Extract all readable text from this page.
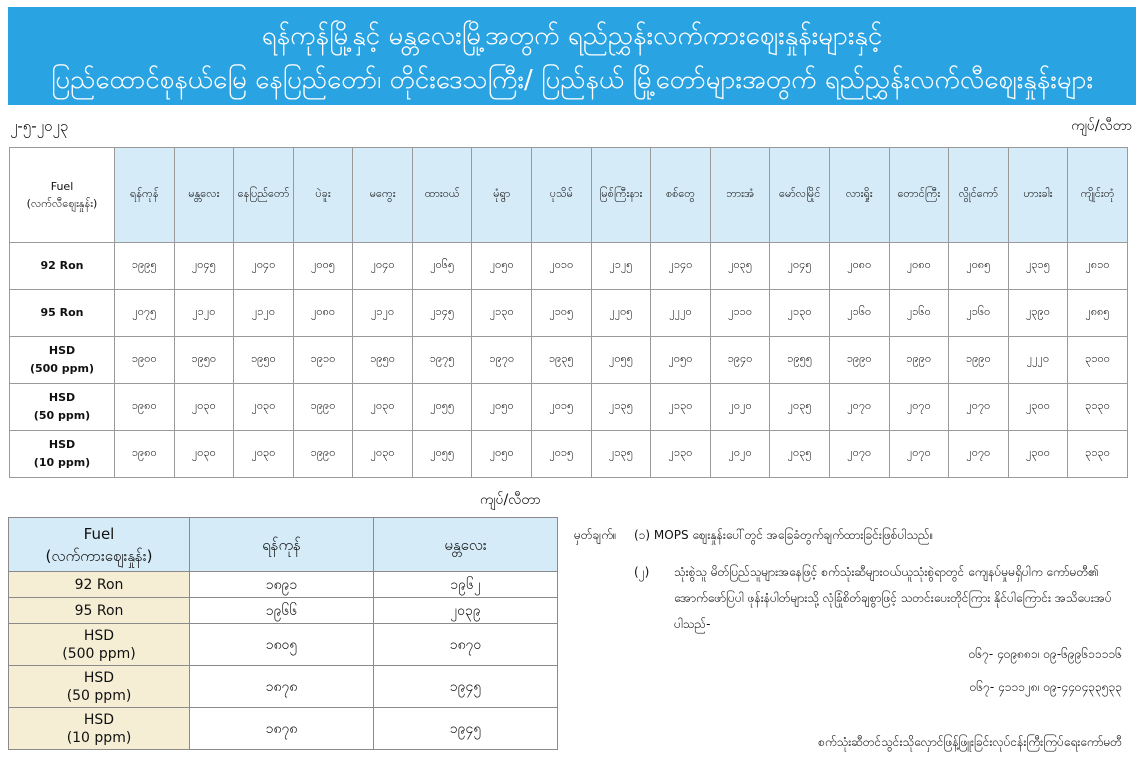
ရန်ကုန်မြို့နှင့် မန္တလေးမြို့အတွက် ရည်ညွှန်းလက်ကားဈေးနှုန်းများနှင့်
ပြည်ထောင်စုနယ်မြေ နေပြည်တော်၊ တိုင်းဒေသကြီး/ ပြည်နယ် မြို့တော်များအတွက် ရည်ညွှန်းလက်လီဈေးနှုန်းများ
၂-၅-၂၀၂၃	ကျပ်/လီတာ
Fuel
(လက်လီဈေးနှုန်း)	ရန်ကုန်	မန္တလေး	နေပြည်တော်	ပဲခူး	မကွေး	ထားဝယ်	မုံရွာ	ပုသိမ်	မြစ်ကြီးနား	စစ်တွေ	ဘားအံ	မော်လမြိုင်	လားရှိုး	တောင်ကြီး	လွိုင်ကော်	ဟားခါး	ကျိုင်းတုံ
92 Ron	၁၉၉၅	၂၀၄၅	၂၀၄၀	၂၀၀၅	၂၀၄၀	၂၀၆၅	၂၀၅၀	၂၀၁၀	၂၁၂၅	၂၁၄၀	၂၀၃၅	၂၀၄၅	၂၀၈၀	၂၀၈၀	၂၀၈၅	၂၃၁၅	၂၈၁၀
95 Ron	၂၀၇၅	၂၁၂၀	၂၁၂၀	၂၀၈၀	၂၁၂၀	၂၁၄၅	၂၁၃၀	၂၁၀၅	၂၂၀၅	၂၂၂၀	၂၁၁၀	၂၁၃၀	၂၁၆၀	၂၁၆၀	၂၁၆၀	၂၃၉၀	၂၈၈၅
HSD
(500 ppm)	၁၉၀၀	၁၉၅၀	၁၉၅၀	၁၉၁၀	၁၉၅၀	၁၉၇၅	၁၉၇၀	၁၉၃၅	၂၀၅၅	၂၀၅၀	၁၉၄၀	၁၉၅၅	၁၉၉၀	၁၉၉၀	၁၉၉၀	၂၂၂၀	၃၁၀၀
HSD
(50 ppm)	၁၉၈၀	၂၀၃၀	၂၀၃၀	၁၉၉၀	၂၀၃၀	၂၀၅၅	၂၀၅၀	၂၀၁၅	၂၁၃၅	၂၁၃၀	၂၀၂၀	၂၀၃၅	၂၀၇၀	၂၀၇၀	၂၀၇၀	၂၃၀၀	၃၁၃၀
HSD
(10 ppm)	၁၉၈၀	၂၀၃၀	၂၀၃၀	၁၉၉၀	၂၀၃၀	၂၀၅၅	၂၀၅၀	၂၀၁၅	၂၁၃၅	၂၁၃၀	၂၀၂၀	၂၀၃၅	၂၀၇၀	၂၀၇၀	၂၀၇၀	၂၃၀၀	၃၁၃၀
ကျပ်/လီတာ
Fuel
(လက်ကားဈေးနှုန်း)	ရန်ကုန်	မန္တလေး
92 Ron	၁၈၉၁	၁၉၆၂
95 Ron	၁၉၆၆	၂၀၃၉
HSD
(500 ppm)	၁၈၀၅	၁၈၇၀
HSD
(50 ppm)	၁၈၇၈	၁၉၄၅
HSD
(10 ppm)	၁၈၇၈	၁၉၄၅
မှတ်ချက်။ (၁) MOPS ဈေးနှုန်းပေါ်တွင် အခြေခံတွက်ချက်ထားခြင်းဖြစ်ပါသည်။
(၂)	သုံးစွဲသူ မိတ်ပြည်သူများအနေဖြင့် စက်သုံးဆီများဝယ်ယူသုံးစွဲရာတွင် ကျေနပ်မှုမရှိပါက ကော်မတီ၏ အောက်ဖော်ပြပါ ဖုန်းနံပါတ်များသို့ လုံခြုံစိတ်ချစွာဖြင့် သတင်းပေးတိုင်ကြား နိုင်ပါကြောင်း အသိပေးအပ်ပါသည်-
၀၆၇- ၄၀၉၈၈၁၊ ၀၉-၆၉၉၆၁၁၁၁၆
၀၆၇- ၄၁၁၁၂၈၊ ၀၉-၄၄၀၄၃၃၅၃၃
စက်သုံးဆီတင်သွင်းသိုလှောင်ဖြန့်ဖြူးခြင်းလုပ်ငန်းကြီးကြပ်ရေးကော်မတီ
